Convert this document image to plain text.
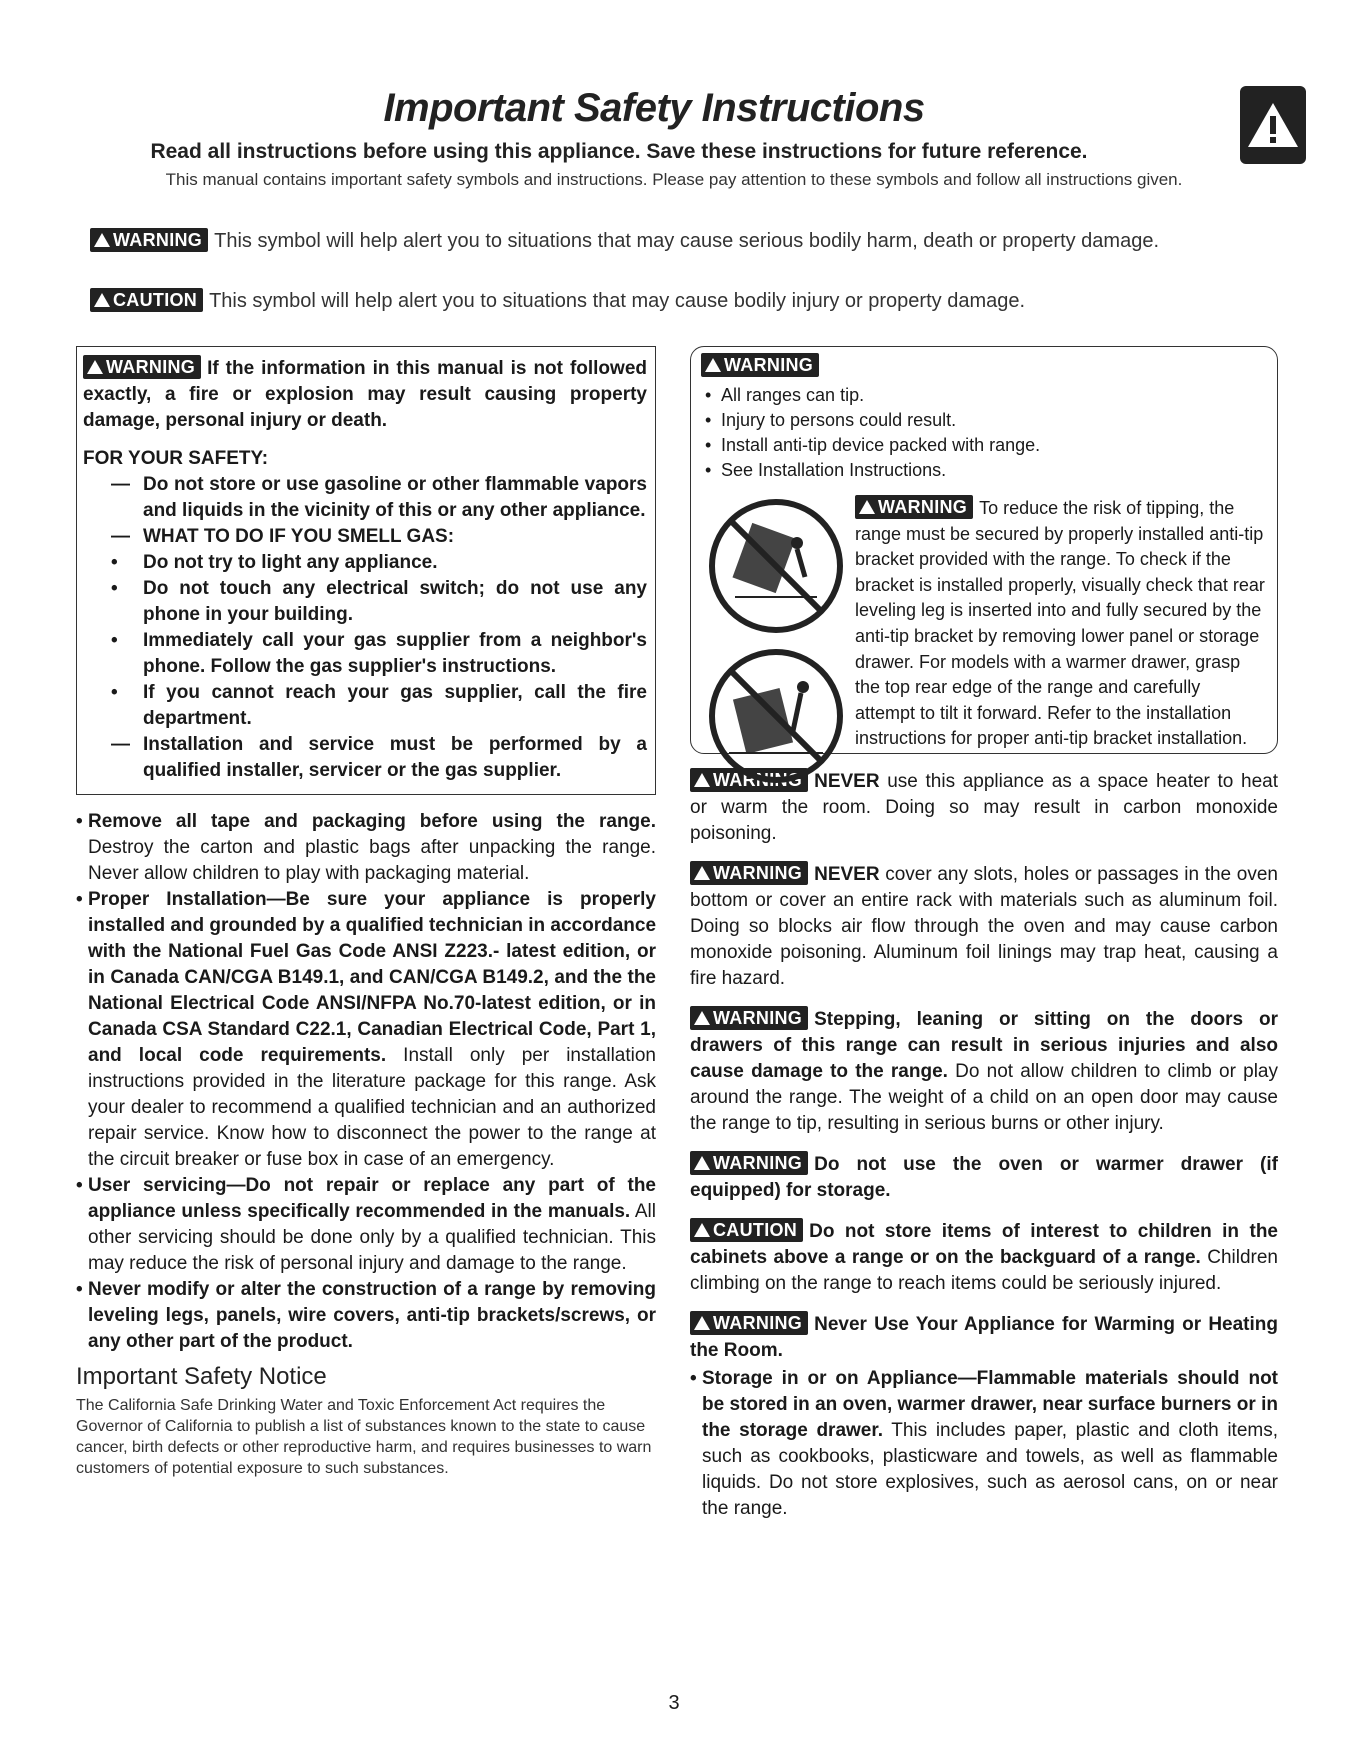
Important Safety Instructions

Read all instructions before using this appliance. Save these instructions for future reference.

This manual contains important safety symbols and instructions. Please pay attention to these symbols and follow all instructions given.

WARNING This symbol will help alert you to situations that may cause serious bodily harm, death or property damage.
CAUTION This symbol will help alert you to situations that may cause bodily injury or property damage.

WARNING If the information in this manual is not followed exactly, a fire or explosion may result causing property damage, personal injury or death.

FOR YOUR SAFETY:

— Do not store or use gasoline or other flammable vapors and liquids in the vicinity of this or any other appliance.
— WHAT TO DO IF YOU SMELL GAS:
• Do not try to light any appliance.
• Do not touch any electrical switch; do not use any phone in your building.
• Immediately call your gas supplier from a neighbor's phone. Follow the gas supplier's instructions.
• If you cannot reach your gas supplier, call the fire department.
— Installation and service must be performed by a qualified installer, servicer or the gas supplier.
• Remove all tape and packaging before using the range. Destroy the carton and plastic bags after unpacking the range. Never allow children to play with packaging material.
• Proper Installation—Be sure your appliance is properly installed and grounded by a qualified technician in accordance with the National Fuel Gas Code ANSI Z223.- latest edition, or in Canada CAN/CGA B149.1, and CAN/CGA B149.2, and the the National Electrical Code ANSI/NFPA No.70-latest edition, or in Canada CSA Standard C22.1, Canadian Electrical Code, Part 1, and local code requirements. Install only per installation instructions provided in the literature package for this range. Ask your dealer to recommend a qualified technician and an authorized repair service. Know how to disconnect the power to the range at the circuit breaker or fuse box in case of an emergency.
• User servicing—Do not repair or replace any part of the appliance unless specifically recommended in the manuals. All other servicing should be done only by a qualified technician. This may reduce the risk of personal injury and damage to the range.
• Never modify or alter the construction of a range by removing leveling legs, panels, wire covers, anti-tip brackets/screws, or any other part of the product.
Important Safety Notice
The California Safe Drinking Water and Toxic Enforcement Act requires the Governor of California to publish a list of substances known to the state to cause cancer, birth defects or other reproductive harm, and requires businesses to warn customers of potential exposure to such substances.
WARNING
• All ranges can tip.
• Injury to persons could result.
• Install anti-tip device packed with range.
• See Installation Instructions.
WARNING To reduce the risk of tipping, the range must be secured by properly installed anti-tip bracket provided with the range. To check if the bracket is installed properly, visually check that rear leveling leg is inserted into and fully secured by the anti-tip bracket by removing lower panel or storage drawer. For models with a warmer drawer, grasp the top rear edge of the range and carefully attempt to tilt it forward. Refer to the installation instructions for proper anti-tip bracket installation.
WARNING NEVER use this appliance as a space heater to heat or warm the room. Doing so may result in carbon monoxide poisoning.
WARNING NEVER cover any slots, holes or passages in the oven bottom or cover an entire rack with materials such as aluminum foil. Doing so blocks air flow through the oven and may cause carbon monoxide poisoning. Aluminum foil linings may trap heat, causing a fire hazard.
WARNING Stepping, leaning or sitting on the doors or drawers of this range can result in serious injuries and also cause damage to the range. Do not allow children to climb or play around the range. The weight of a child on an open door may cause the range to tip, resulting in serious burns or other injury.
WARNING Do not use the oven or warmer drawer (if equipped) for storage.
CAUTION Do not store items of interest to children in the cabinets above a range or on the backguard of a range. Children climbing on the range to reach items could be seriously injured.
WARNING Never Use Your Appliance for Warming or Heating the Room.
• Storage in or on Appliance—Flammable materials should not be stored in an oven, warmer drawer, near surface burners or in the storage drawer. This includes paper, plastic and cloth items, such as cookbooks, plasticware and towels, as well as flammable liquids. Do not store explosives, such as aerosol cans, on or near the range.
3
